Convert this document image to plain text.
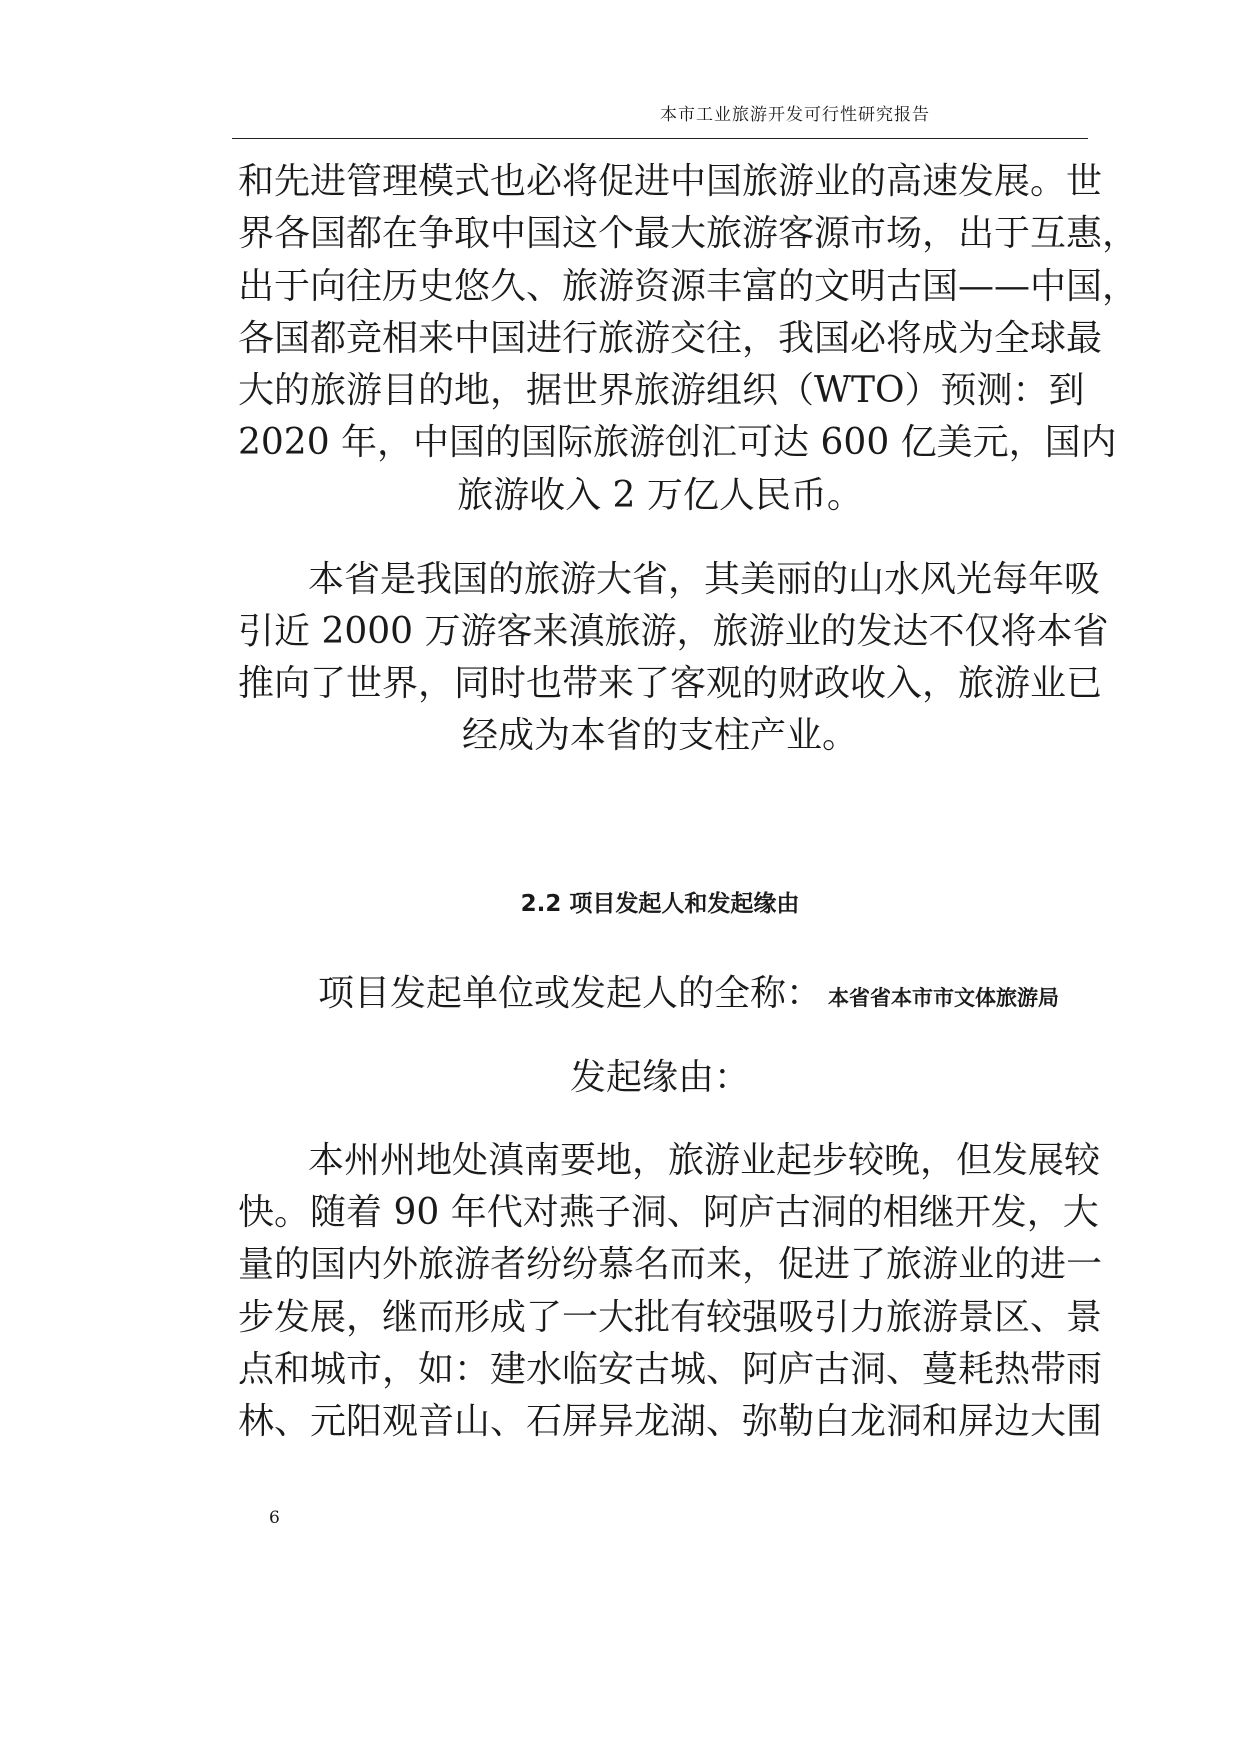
本市工业旅游开发可行性研究报告
和先进管理模式也必将促进中国旅游业的高速发展。世
界各国都在争取中国这个最大旅游客源市场，出于互惠，
出于向往历史悠久、旅游资源丰富的文明古国——中国，
各国都竞相来中国进行旅游交往，我国必将成为全球最
大的旅游目的地，据世界旅游组织（WTO）预测：到
2020 年，中国的国际旅游创汇可达 600 亿美元，国内
旅游收入 2 万亿人民币。
本省是我国的旅游大省，其美丽的山水风光每年吸
引近 2000 万游客来滇旅游，旅游业的发达不仅将本省
推向了世界，同时也带来了客观的财政收入，旅游业已
经成为本省的支柱产业。
2.2 项目发起人和发起缘由
项目发起单位或发起人的全称： 本省省本市市文体旅游局
发起缘由：
本州州地处滇南要地，旅游业起步较晚，但发展较
快。随着 90 年代对燕子洞、阿庐古洞的相继开发，大
量的国内外旅游者纷纷慕名而来，促进了旅游业的进一
步发展，继而形成了一大批有较强吸引力旅游景区、景
点和城市，如：建水临安古城、阿庐古洞、蔓耗热带雨
林、元阳观音山、石屏异龙湖、弥勒白龙洞和屏边大围
6
